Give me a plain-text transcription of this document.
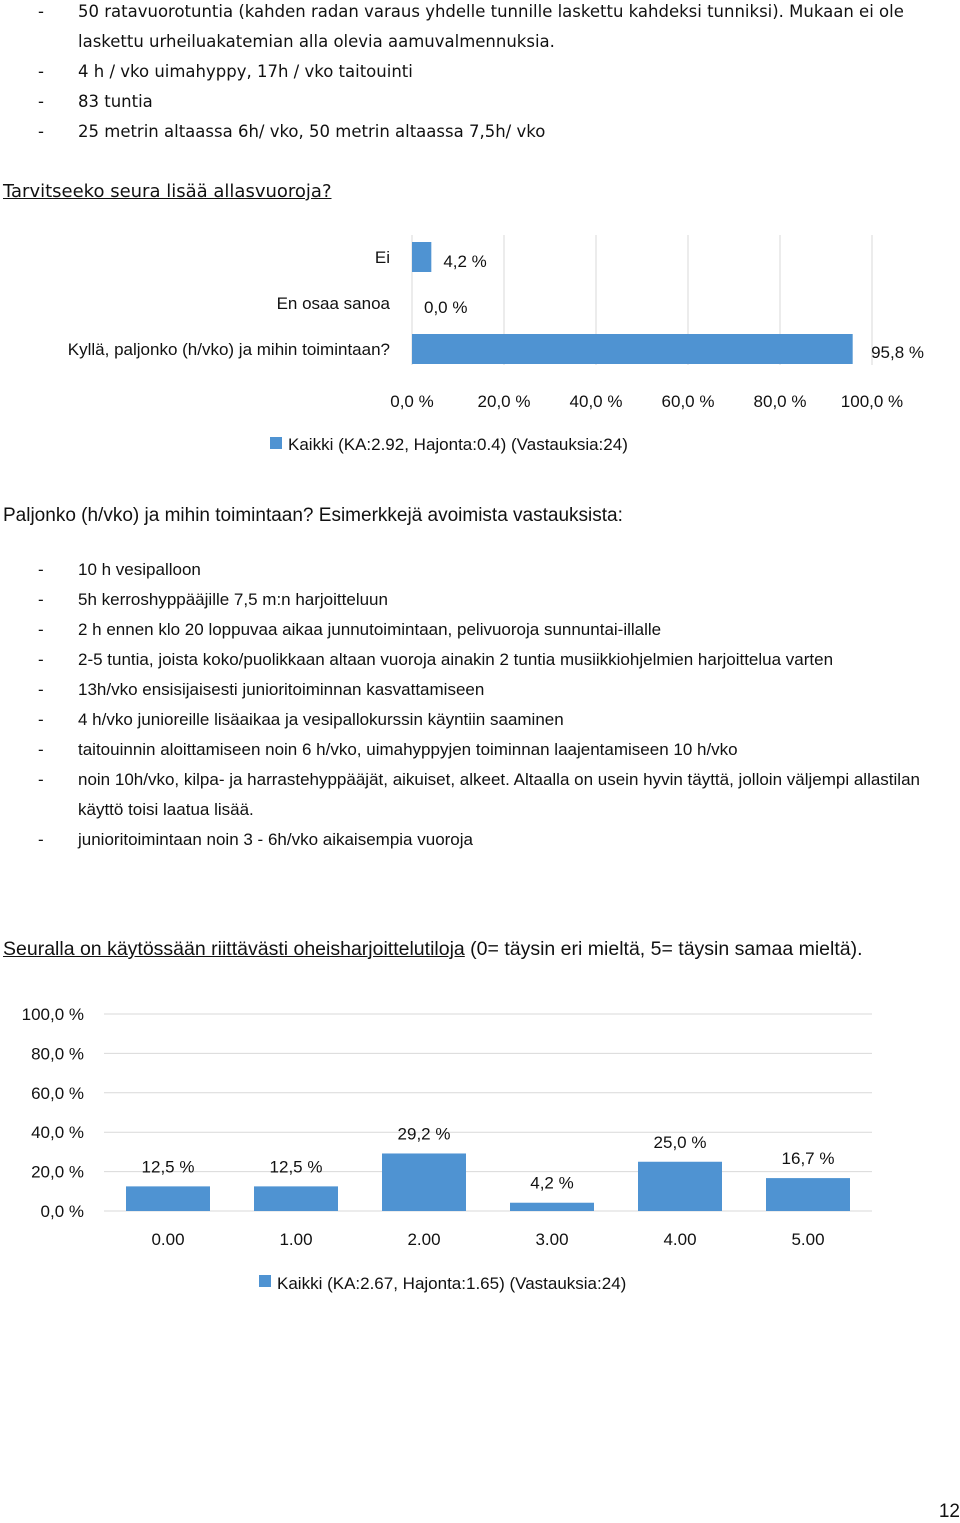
- 50 ratavuorotuntia (kahden radan varaus yhdelle tunnille laskettu kahdeksi tunniksi). Mukaan ei ole laskettu urheiluakatemian alla olevia aamuvalmennuksia.
- 4 h / vko uimahyppy, 17h / vko taitouinti
- 83 tuntia
- 25 metrin altaassa 6h/ vko, 50 metrin altaassa 7,5h/ vko
Tarvitseeko seura lisää allasvuoroja?
Ei
En osaa sanoa
Kyllä, paljonko (h/vko) ja mihin toimintaan?
4,2 %
0,0 %
95,8 %
0,0 %	20,0 % 40,0 % 60,0 % 80,0 % 100,0 %
Kaikki (KA:2.92, Hajonta:0.4) (Vastauksia:24)
Paljonko (h/vko) ja mihin toimintaan? Esimerkkejä avoimista vastauksista:
- 10 h vesipalloon
- 5h kerroshyppääjille 7,5 m:n harjoitteluun
- 2 h ennen klo 20 loppuvaa aikaa junnutoimintaan, pelivuoroja sunnuntai-illalle
- 2-5 tuntia, joista koko/puolikkaan altaan vuoroja ainakin 2 tuntia musiikkiohjelmien harjoittelua varten
- 13h/vko ensisijaisesti junioritoiminnan kasvattamiseen
- 4 h/vko junioreille lisäaikaa ja vesipallokurssin käyntiin saaminen
- taitouinnin aloittamiseen noin 6 h/vko, uimahyppyjen toiminnan laajentamiseen 10 h/vko
- noin 10h/vko, kilpa- ja harrastehyppääjät, aikuiset, alkeet. Altaalla on usein hyvin täyttä, jolloin väljempi allastilan käyttö toisi laatua lisää.
- junioritoimintaan noin 3 - 6h/vko aikaisempia vuoroja
Seuralla on käytössään riittävästi oheisharjoittelutiloja (0= täysin eri mieltä, 5= täysin samaa mieltä).
0,0 %
20,0 %
40,0 %
60,0 %
80,0 %
100,0 %
12,5 %	12,5 %
29,2 %
4,2 %
25,0 %
16,7 %
0.00	1.00	2.00	3.00	4.00	5.00
Kaikki (KA:2.67, Hajonta:1.65) (Vastauksia:24)
12
